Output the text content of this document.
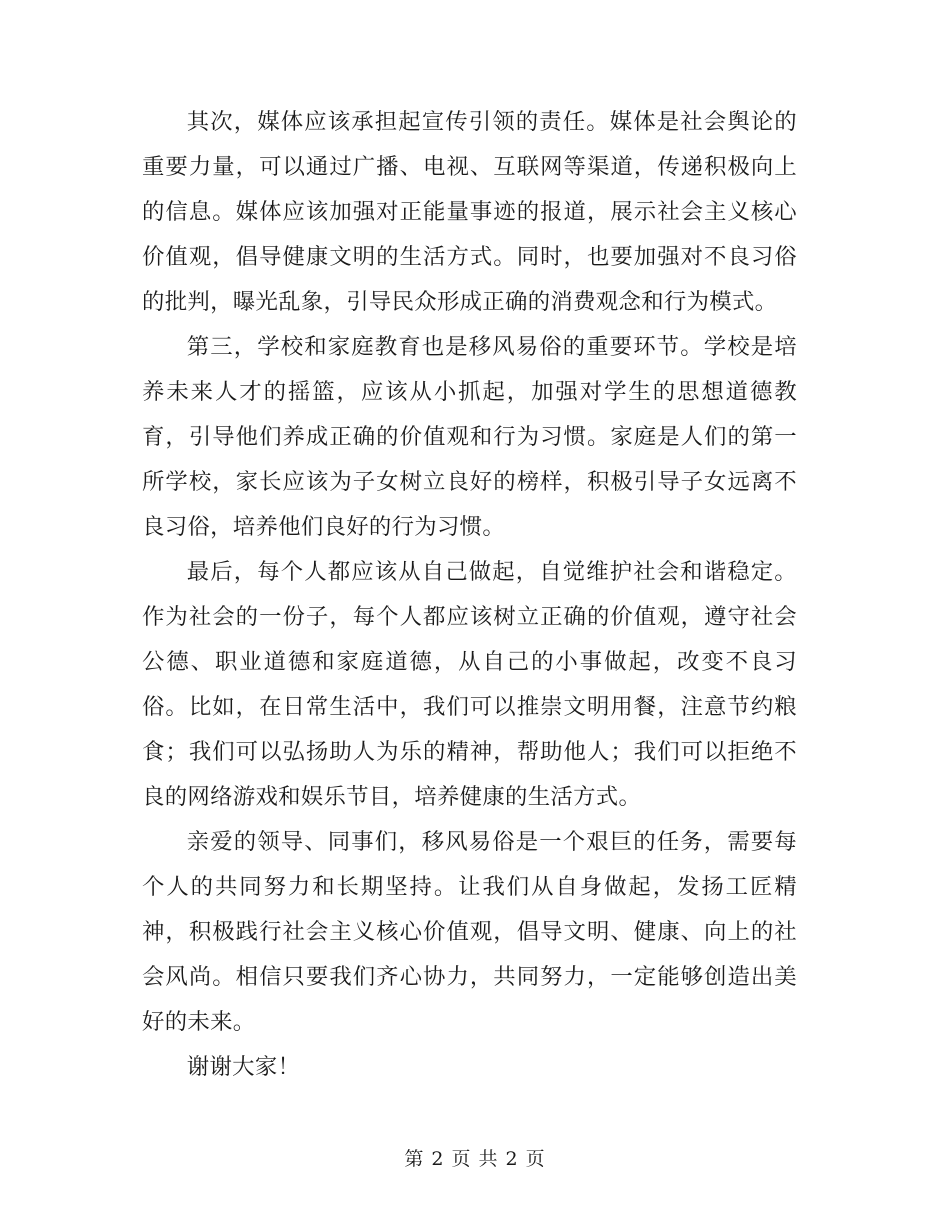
其次，媒体应该承担起宣传引领的责任。媒体是社会舆论的重要力量，可以通过广播、电视、互联网等渠道，传递积极向上的信息。媒体应该加强对正能量事迹的报道，展示社会主义核心价值观，倡导健康文明的生活方式。同时，也要加强对不良习俗的批判，曝光乱象，引导民众形成正确的消费观念和行为模式。

第三，学校和家庭教育也是移风易俗的重要环节。学校是培养未来人才的摇篮，应该从小抓起，加强对学生的思想道德教育，引导他们养成正确的价值观和行为习惯。家庭是人们的第一所学校，家长应该为子女树立良好的榜样，积极引导子女远离不良习俗，培养他们良好的行为习惯。

最后，每个人都应该从自己做起，自觉维护社会和谐稳定。作为社会的一份子，每个人都应该树立正确的价值观，遵守社会公德、职业道德和家庭道德，从自己的小事做起，改变不良习俗。比如，在日常生活中，我们可以推崇文明用餐，注意节约粮食；我们可以弘扬助人为乐的精神，帮助他人；我们可以拒绝不良的网络游戏和娱乐节目，培养健康的生活方式。

亲爱的领导、同事们，移风易俗是一个艰巨的任务，需要每个人的共同努力和长期坚持。让我们从自身做起，发扬工匠精神，积极践行社会主义核心价值观，倡导文明、健康、向上的社会风尚。相信只要我们齐心协力，共同努力，一定能够创造出美好的未来。

谢谢大家！

第 2 页 共 2 页
